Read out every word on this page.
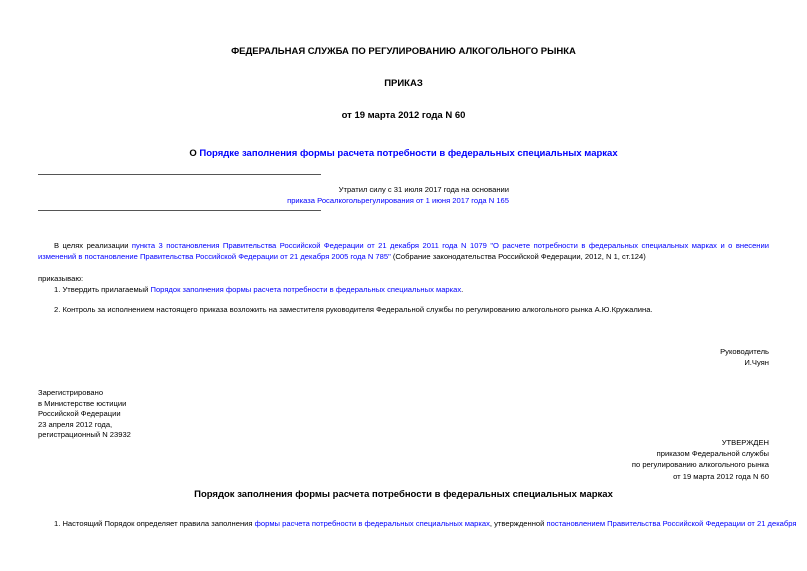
ФЕДЕРАЛЬНАЯ СЛУЖБА ПО РЕГУЛИРОВАНИЮ АЛКОГОЛЬНОГО РЫНКА
ПРИКАЗ
от 19 марта 2012 года N 60
О Порядке заполнения формы расчета потребности в федеральных специальных марках
Утратил силу с 31 июля 2017 года на основании
приказа Росалкогольрегулирования от 1 июня 2017 года N 165
В целях реализации пункта 3 постановления Правительства Российской Федерации от 21 декабря 2011 года N 1079 "О расчете потребности в федеральных специальных марках и о внесении изменений в постановление Правительства Российской Федерации от 21 декабря 2005 года N 785" (Собрание законодательства Российской Федерации, 2012, N 1, ст.124)
приказываю:
1. Утвердить прилагаемый Порядок заполнения формы расчета потребности в федеральных специальных марках.
2. Контроль за исполнением настоящего приказа возложить на заместителя руководителя Федеральной службы по регулированию алкогольного рынка А.Ю.Кружалина.
Руководитель
И.Чуян
Зарегистрировано
в Министерстве юстиции
Российской Федерации
23 апреля 2012 года,
регистрационный N 23932
УТВЕРЖДЕН
приказом Федеральной службы
по регулированию алкогольного рынка
от 19 марта 2012 года N 60
Порядок заполнения формы расчета потребности в федеральных специальных марках
1. Настоящий Порядок определяет правила заполнения формы расчета потребности в федеральных специальных марках, утвержденной постановлением Правительства Российской Федерации от 21 декабря
